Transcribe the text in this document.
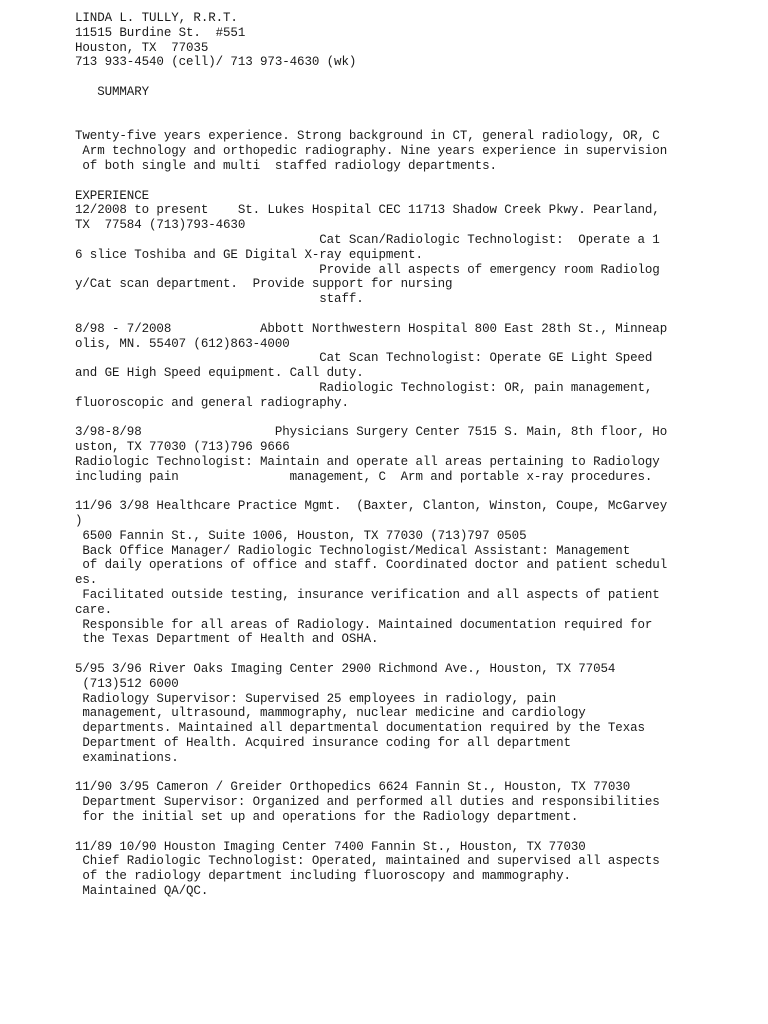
LINDA L. TULLY, R.R.T.
11515 Burdine St.  #551
Houston, TX  77035
713 933-4540 (cell)/ 713 973-4630 (wk)
SUMMARY
Twenty-five years experience. Strong background in CT, general radiology, OR, C
Arm technology and orthopedic radiography. Nine years experience in supervision
of both single and multi  staffed radiology departments.
EXPERIENCE
12/2008 to present    St. Lukes Hospital CEC 11713 Shadow Creek Pkwy. Pearland,
TX  77584 (713)793-4630
Cat Scan/Radiologic Technologist:  Operate a 1
6 slice Toshiba and GE Digital X-ray equipment.
Provide all aspects of emergency room Radiolog
y/Cat scan department.  Provide support for nursing
staff.
8/98 - 7/2008            Abbott Northwestern Hospital 800 East 28th St., Minneap
olis, MN. 55407 (612)863-4000
Cat Scan Technologist: Operate GE Light Speed
and GE High Speed equipment. Call duty.
Radiologic Technologist: OR, pain management,
fluoroscopic and general radiography.
3/98-8/98                  Physicians Surgery Center 7515 S. Main, 8th floor, Ho
uston, TX 77030 (713)796 9666
Radiologic Technologist: Maintain and operate all areas pertaining to Radiology
including pain               management, C  Arm and portable x-ray procedures.
11/96 3/98 Healthcare Practice Mgmt.  (Baxter, Clanton, Winston, Coupe, McGarvey
)
6500 Fannin St., Suite 1006, Houston, TX 77030 (713)797 0505
Back Office Manager/ Radiologic Technologist/Medical Assistant: Management
of daily operations of office and staff. Coordinated doctor and patient schedul
es.
Facilitated outside testing, insurance verification and all aspects of patient
care.
Responsible for all areas of Radiology. Maintained documentation required for
the Texas Department of Health and OSHA.
5/95 3/96 River Oaks Imaging Center 2900 Richmond Ave., Houston, TX 77054
(713)512 6000
Radiology Supervisor: Supervised 25 employees in radiology, pain
management, ultrasound, mammography, nuclear medicine and cardiology
departments. Maintained all departmental documentation required by the Texas
Department of Health. Acquired insurance coding for all department
examinations.
11/90 3/95 Cameron / Greider Orthopedics 6624 Fannin St., Houston, TX 77030
Department Supervisor: Organized and performed all duties and responsibilities
for the initial set up and operations for the Radiology department.
11/89 10/90 Houston Imaging Center 7400 Fannin St., Houston, TX 77030
Chief Radiologic Technologist: Operated, maintained and supervised all aspects
of the radiology department including fluoroscopy and mammography.
Maintained QA/QC.
